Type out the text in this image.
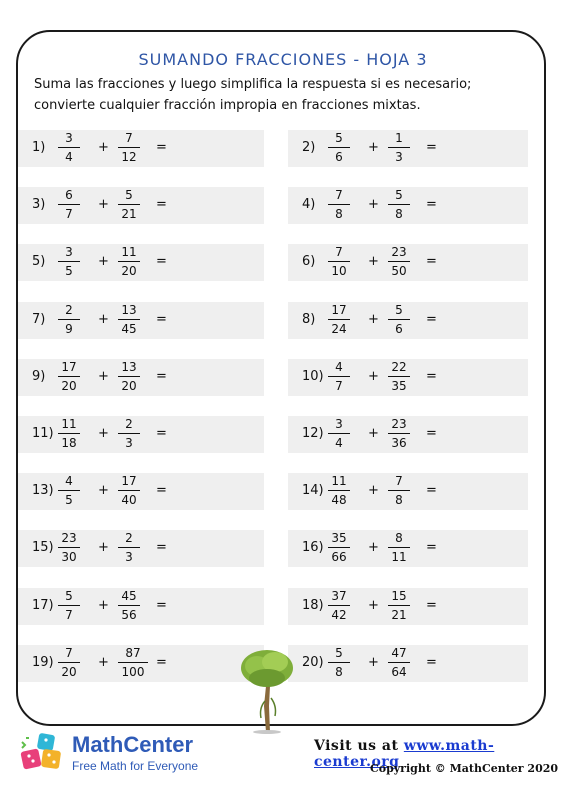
SUMANDO FRACCIONES - HOJA 3
Suma las fracciones y luego simplifica la respuesta si es necesario; convierte cualquier fracción impropia en fracciones mixtas.
1)
3
4
+
7
12
=	2)
5
6
+
1
3
=
3)
6
7
+
5
21
=	4)
7
8
+
5
8
=
5)
3
5
+
11
20
=	6)
7
10
+
23
50
=
7)
2
9
+
13
45
=	8)
17
24
+
5
6
=
9)
17
20
+
13
20
=	10)
4
7
+
22
35
=
11)
11
18
+
2
3
=	12)
3
4
+
23
36
=
13)
4
5
+
17
40
=	14)
11
48
+
7
8
=
15)
23
30
+
2
3
=	16)
35
66
+
8
11
=
17)
5
7
+
45
56
=	18)
37
42
+
15
21
=
19)
7
20
+
87
100
=	20)
5
8
+
47
64
=
MathCenter
Free Math for Everyone
Visit us at www.math-center.org
Copyright © MathCenter 2020
